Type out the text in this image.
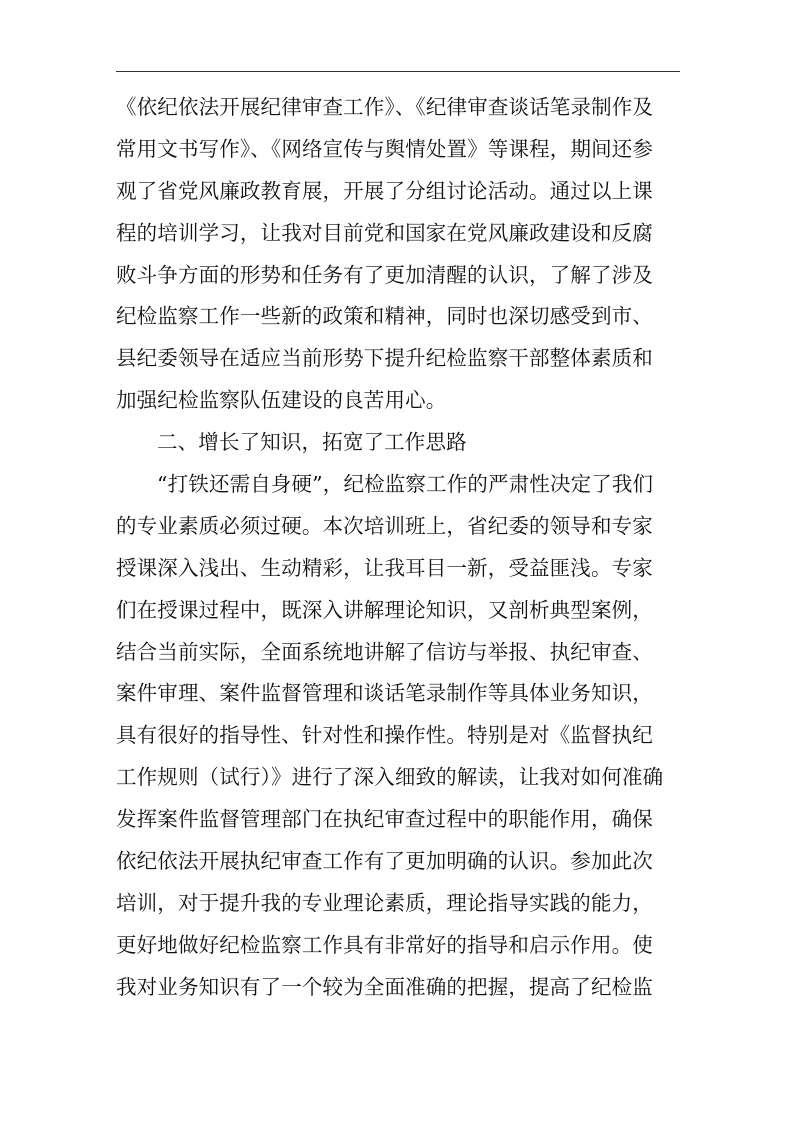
《依纪依法开展纪律审查工作》、《纪律审查谈话笔录制作及
常用文书写作》、《网络宣传与舆情处置》等课程，期间还参
观了省党风廉政教育展，开展了分组讨论活动。通过以上课
程的培训学习，让我对目前党和国家在党风廉政建设和反腐
败斗争方面的形势和任务有了更加清醒的认识，了解了涉及
纪检监察工作一些新的政策和精神，同时也深切感受到市、
县纪委领导在适应当前形势下提升纪检监察干部整体素质和
加强纪检监察队伍建设的良苦用心。
二、增长了知识，拓宽了工作思路
“打铁还需自身硬”，纪检监察工作的严肃性决定了我们
的专业素质必须过硬。本次培训班上，省纪委的领导和专家
授课深入浅出、生动精彩，让我耳目一新，受益匪浅。专家
们在授课过程中，既深入讲解理论知识，又剖析典型案例，
结合当前实际，全面系统地讲解了信访与举报、执纪审查、
案件审理、案件监督管理和谈话笔录制作等具体业务知识，
具有很好的指导性、针对性和操作性。特别是对《监督执纪
工作规则（试行）》进行了深入细致的解读，让我对如何准确
发挥案件监督管理部门在执纪审查过程中的职能作用，确保
依纪依法开展执纪审查工作有了更加明确的认识。参加此次
培训，对于提升我的专业理论素质，理论指导实践的能力，
更好地做好纪检监察工作具有非常好的指导和启示作用。使
我对业务知识有了一个较为全面准确的把握，提高了纪检监
